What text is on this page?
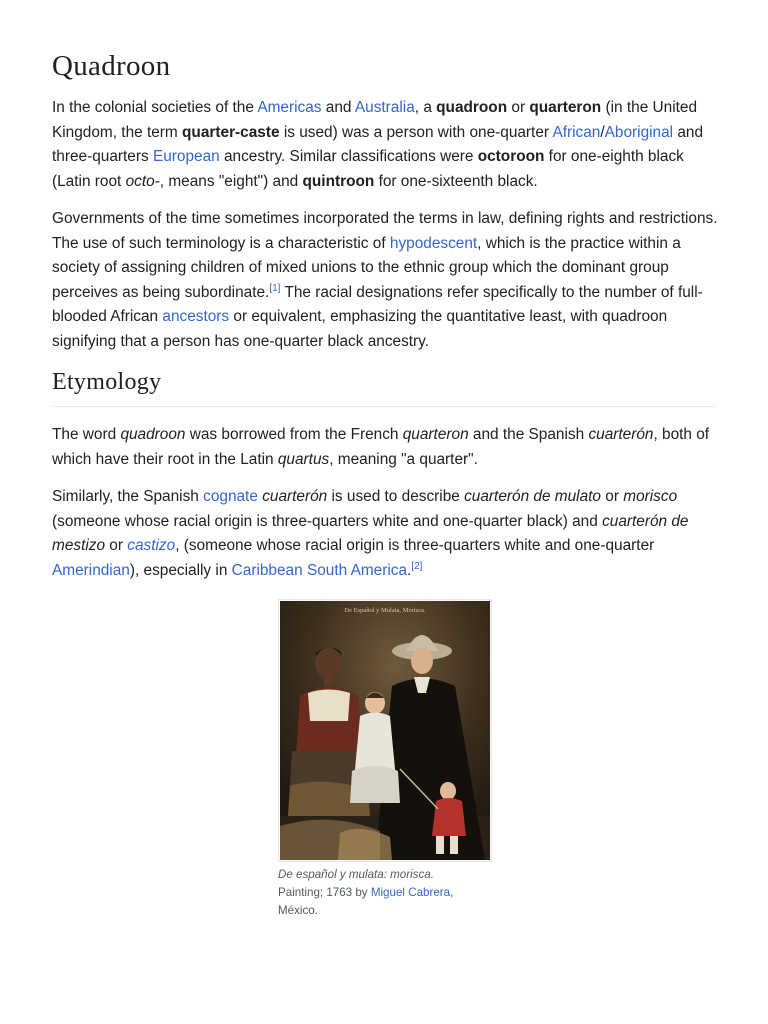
Quadroon

In the colonial societies of the Americas and Australia, a quadroon or quarteron (in the United Kingdom, the term quarter-caste is used) was a person with one-quarter African/Aboriginal and three-quarters European ancestry. Similar classifications were octoroon for one-eighth black (Latin root octo-, means "eight") and quintroon for one-sixteenth black.

Governments of the time sometimes incorporated the terms in law, defining rights and restrictions. The use of such terminology is a characteristic of hypodescent, which is the practice within a society of assigning children of mixed unions to the ethnic group which the dominant group perceives as being subordinate.[1] The racial designations refer specifically to the number of full-blooded African ancestors or equivalent, emphasizing the quantitative least, with quadroon signifying that a person has one-quarter black ancestry.

Etymology

The word quadroon was borrowed from the French quarteron and the Spanish cuarterón, both of which have their root in the Latin quartus, meaning "a quarter".

Similarly, the Spanish cognate cuarterón is used to describe cuarterón de mulato or morisco (someone whose racial origin is three-quarters white and one-quarter black) and cuarterón de mestizo or castizo, (someone whose racial origin is three-quarters white and one-quarter Amerindian), especially in Caribbean South America.[2]

De Español y Mulata, Morisca.
De español y mulata: morisca.
Painting; 1763 by Miguel Cabrera,
México.
